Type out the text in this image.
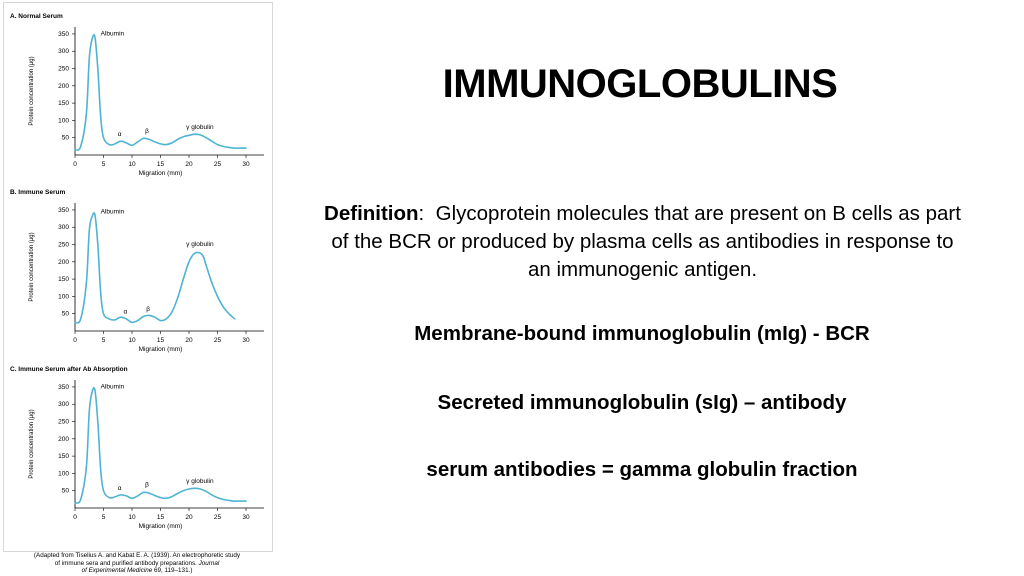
A. Normal Serum
50
100
150
200
250
300
350
0	5	10	15	20	25	30
Migration (mm)
Protein concentration (μg)
Albumin
α	β
γ globulin
B. Immune Serum
50
100
150
200
250
300
350
0	5	10	15	20	25	30
Migration (mm)
Protein concentration (μg)
Albumin
α	β
γ globulin
C. Immune Serum after Ab Absorption
50
100
150
200
250
300
350
0	5	10	15	20	25	30
Migration (mm)
Protein concentration (μg)
Albumin
α	β	γ globulin
(Adapted from Tiselius A. and Kabat E. A. (1939). An electrophoretic study
of immune sera and purified antibody preparations. Journal
of Experimental Medicine 69, 119–131.)
IMMUNOGLOBULINS
Definition: Glycoprotein molecules that are present on B cells as part of the BCR or produced by plasma cells as antibodies in response to an immunogenic antigen.
Membrane-bound immunoglobulin (mIg) - BCR
Secreted immunoglobulin (sIg) – antibody
serum antibodies = gamma globulin fraction
